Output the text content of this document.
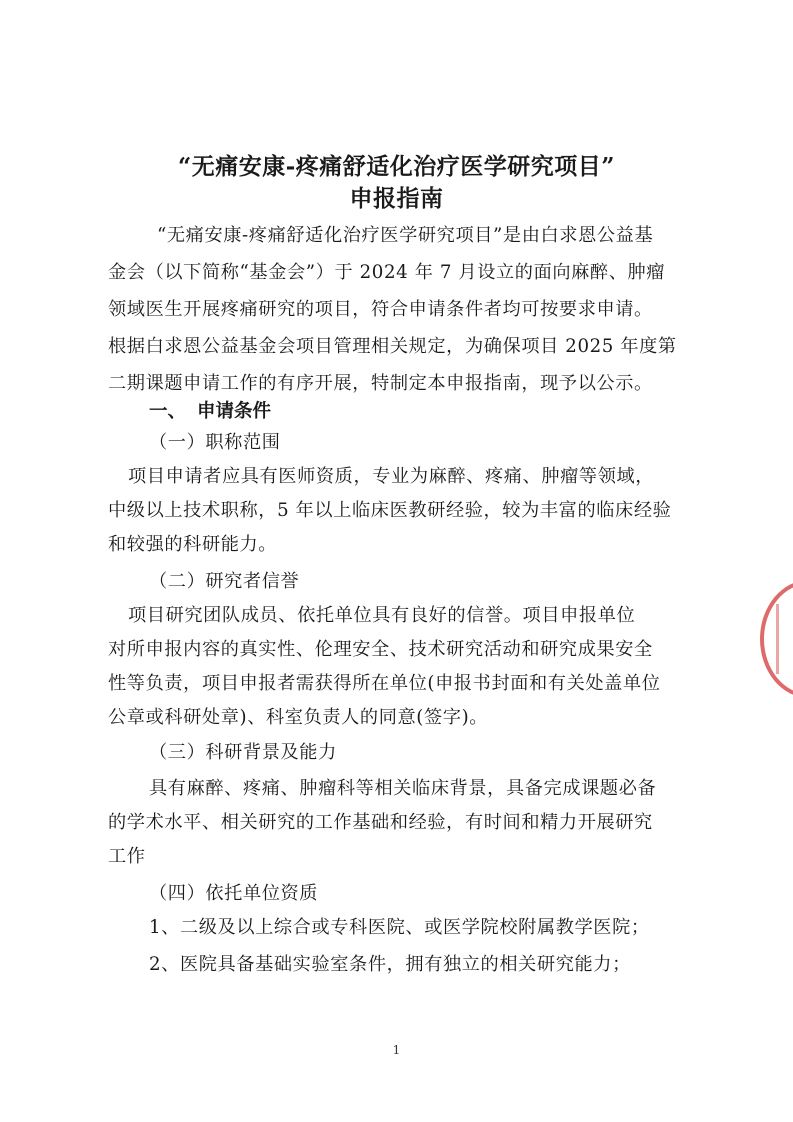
“无痛安康-疼痛舒适化治疗医学研究项目”
申报指南
“无痛安康-疼痛舒适化治疗医学研究项目”是由白求恩公益基
金会（以下简称“基金会”）于 2024 年 7 月设立的面向麻醉、肿瘤
领域医生开展疼痛研究的项目，符合申请条件者均可按要求申请。
根据白求恩公益基金会项目管理相关规定，为确保项目 2025 年度第
二期课题申请工作的有序开展，特制定本申报指南，现予以公示。
一、 申请条件
（一）职称范围
项目申请者应具有医师资质，专业为麻醉、疼痛、肿瘤等领域，
中级以上技术职称，5 年以上临床医教研经验，较为丰富的临床经验
和较强的科研能力。
（二）研究者信誉
项目研究团队成员、依托单位具有良好的信誉。项目申报单位
对所申报内容的真实性、伦理安全、技术研究活动和研究成果安全
性等负责，项目申报者需获得所在单位(申报书封面和有关处盖单位
公章或科研处章)、科室负责人的同意(签字)。
（三）科研背景及能力
具有麻醉、疼痛、肿瘤科等相关临床背景，具备完成课题必备
的学术水平、相关研究的工作基础和经验，有时间和精力开展研究
工作
（四）依托单位资质
1、二级及以上综合或专科医院、或医学院校附属教学医院；
2、医院具备基础实验室条件，拥有独立的相关研究能力；
1
